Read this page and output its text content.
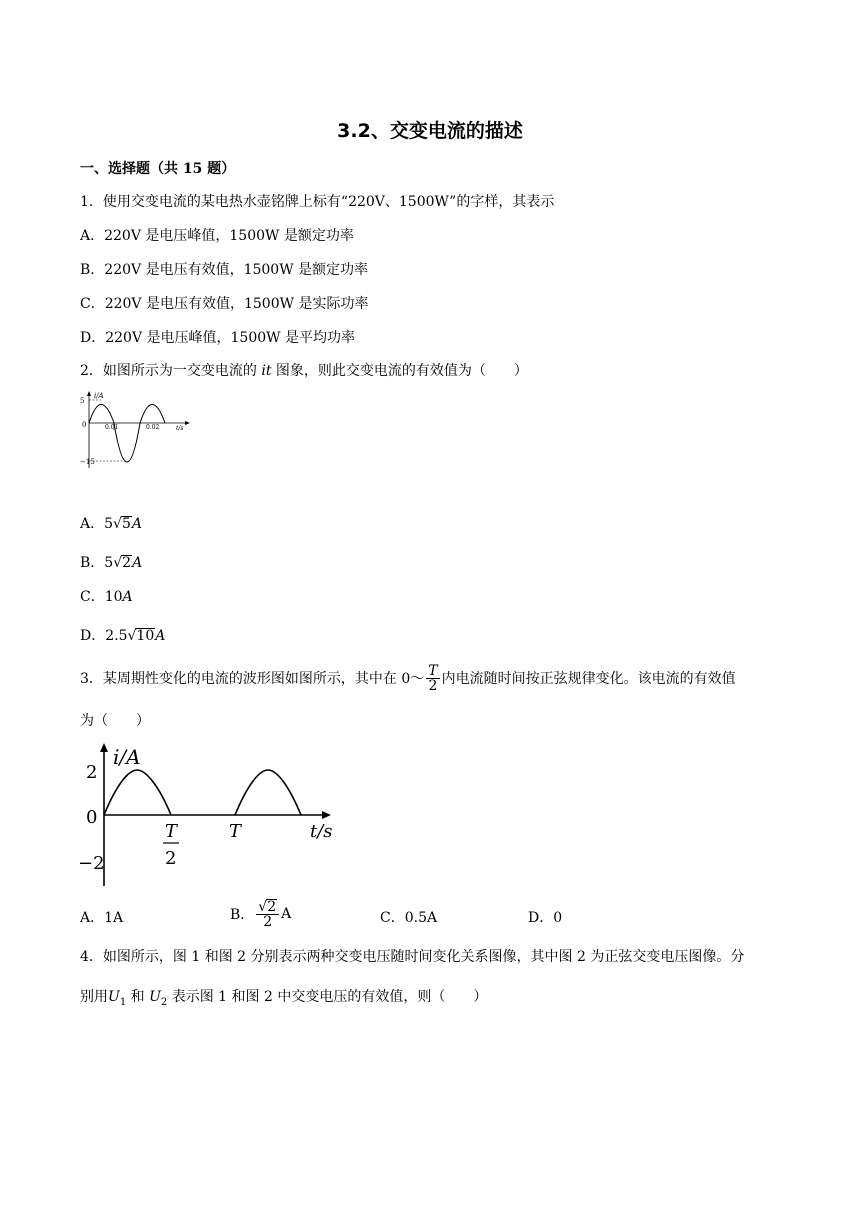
3.2、交变电流的描述
一、选择题（共 15 题）
1．使用交变电流的某电热水壶铭牌上标有“220V、1500W”的字样，其表示
A．220V 是电压峰值，1500W 是额定功率
B．220V 是电压有效值，1500W 是额定功率
C．220V 是电压有效值，1500W 是实际功率
D．220V 是电压峰值，1500W 是平均功率
2．如图所示为一交变电流的 it 图象，则此交变电流的有效值为（　　）
5
i/A
0	0.01	0.02	t/s
−15
A．5√5A
B．5√2A
C．10A
D．2.5√10A
3．某周期性变化的电流的波形图如图所示，其中在 0～ $\frac{T}{2}$ 内电流随时间按正弦规律变化。该电流的有效值
为（　　）
i/A
2
0
−2
T
2
T	t/s
A．1A	B． $\frac{√2}{2}$ A	C．0.5A	D．0
4．如图所示，图 1 和图 2 分别表示两种交变电压随时间变化关系图像，其中图 2 为正弦交变电压图像。分
别用$U_1$ 和 $U_2$ 表示图 1 和图 2 中交变电压的有效值，则（　　）
